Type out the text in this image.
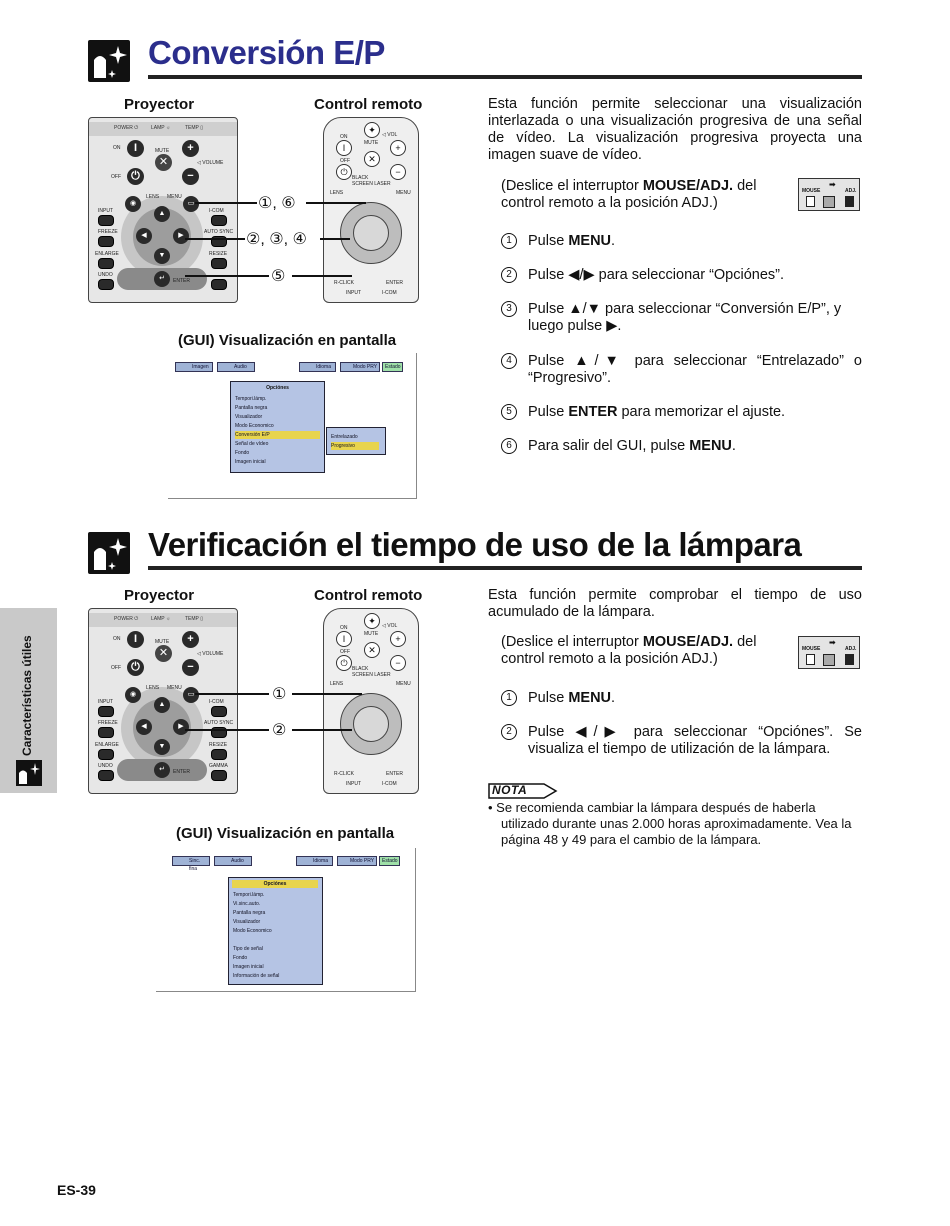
Conversión E/P
Proyector	Control remoto
POWER ⏻	LAMP ☼	TEMP ▯
I
ON	+
MUTE
✕	◁ VOLUME
⏻
OFF	−
▲
◀	▶
▼
◉	▭
LENS MENU
INPUT
FREEZE
ENLARGE
UNDO
I-COM
AUTO SYNC
RESIZE
↵	ENTER
✦	◁ VOL
ON
I	MUTE
✕
+
OFF
⏻	−
BLACK
SCREEN LASER
LENS	MENU
R-CLICK	ENTER
INPUT	I-COM
①, ⑥
②, ③, ④
⑤
(GUI) Visualización en pantalla
Imagen	Audio	Idioma	Modo PRY	Estado
Opciónes
Tempori.lámp.
Pantalla negra
Visualizador
Modo Economico
Conversión E/P
Señal de vídeo
Fondo
Imagen inicial
Entrelazado
Progresivo
Esta función permite seleccionar una visualización interlazada o una visualización progresiva de una señal de vídeo. La visualización progresiva proyecta una imagen suave de vídeo.
(Deslice el interruptor MOUSE/ADJ. del control remoto a la posición ADJ.)
MOUSE	ADJ.
➡
1	Pulse MENU.
2	Pulse ◀/▶ para seleccionar “Opciónes”.
3	Pulse ▲/▼ para seleccionar “Conversión E/P”, y luego pulse ▶.
4	Pulse ▲/▼ para seleccionar “Entrelazado” o “Progresivo”.
5	Pulse ENTER para memorizar el ajuste.
6	Para salir del GUI, pulse MENU.
Verificación el tiempo de uso de la lámpara
Proyector	Control remoto
POWER ⏻	LAMP ☼	TEMP ▯
I
ON	+
MUTE
✕	◁ VOLUME
⏻
OFF	−
▲
◀	▶
▼
◉	▭
LENS MENU
INPUT
FREEZE
ENLARGE
UNDO
I-COM
AUTO SYNC
RESIZE
GAMMA
↵	ENTER
✦	◁ VOL
ON
I	MUTE
✕
+
OFF
⏻	−
BLACK
SCREEN LASER
LENS	MENU
R-CLICK	ENTER
INPUT	I-COM
①
②
(GUI) Visualización en pantalla
Sinc. fina
Audio	Idioma	Modo PRY	Estado
Opciónes
Tempori.lámp.
Vi.sinc.auto.
Pantalla negra
Visualizador
Modo Economico
Tipo de señal
Fondo
Imagen inicial
Información de señal
Esta función permite comprobar el tiempo de uso acumulado de la lámpara.
(Deslice el interruptor MOUSE/ADJ. del control remoto a la posición ADJ.)
MOUSE	ADJ.
➡
1	Pulse MENU.
2	Pulse ◀/▶ para seleccionar “Opciónes”. Se visualiza el tiempo de utilización de la lámpara.
NOTA
• Se recomienda cambiar la lámpara después de haberla utilizado durante unas 2.000 horas aproximadamente. Vea la página 48 y 49 para el cambio de la lámpara.
Características útiles
ES-39
